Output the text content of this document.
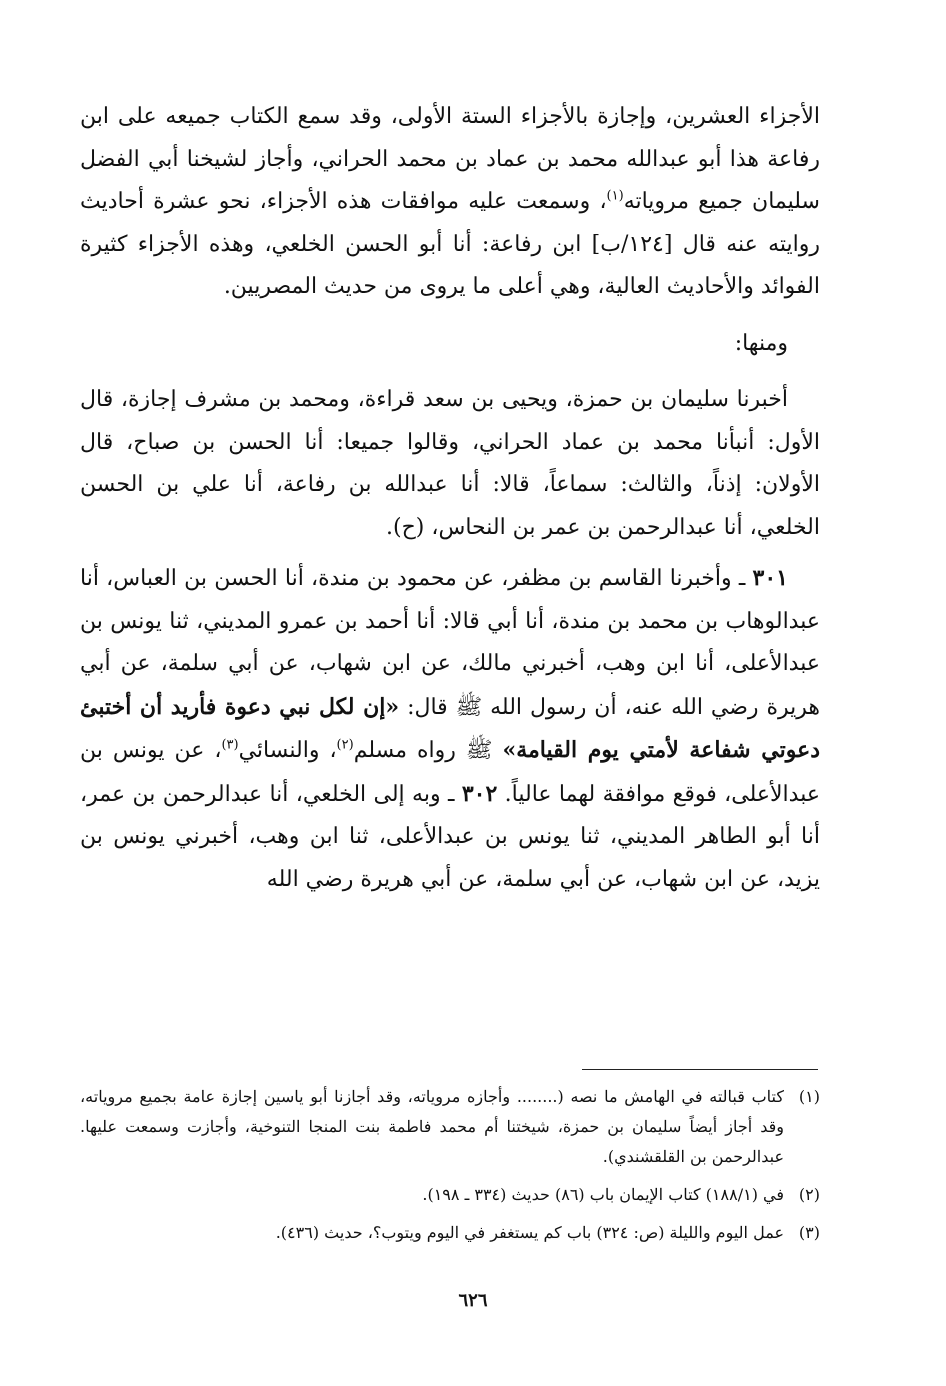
الأجزاء العشرين، وإجازة بالأجزاء الستة الأولى، وقد سمع الكتاب جميعه على ابن رفاعة هذا أبو عبدالله محمد بن عماد بن محمد الحراني، وأجاز لشيخنا أبي الفضل سليمان جميع مروياته$^{(١)}$، وسمعت عليه موافقات هذه الأجزاء، نحو عشرة أحاديث روايته عنه قال [١٢٤/ب] ابن رفاعة: أنا أبو الحسن الخلعي، وهذه الأجزاء كثيرة الفوائد والأحاديث العالية، وهي أعلى ما يروى من حديث المصريين.

ومنها:

أخبرنا سليمان بن حمزة، ويحيى بن سعد قراءة، ومحمد بن مشرف إجازة، قال الأول: أنبأنا محمد بن عماد الحراني، وقالوا جميعا: أنا الحسن بن صباح، قال الأولان: إذناً، والثالث: سماعاً، قالا: أنا عبدالله بن رفاعة، أنا علي بن الحسن الخلعي، أنا عبدالرحمن بن عمر بن النحاس، (ح).

٣٠١ ـ وأخبرنا القاسم بن مظفر، عن محمود بن مندة، أنا الحسن بن العباس، أنا عبدالوهاب بن محمد بن مندة، أنا أبي قالا: أنا أحمد بن عمرو المديني، ثنا يونس بن عبدالأعلى، أنا ابن وهب، أخبرني مالك، عن ابن شهاب، عن أبي سلمة، عن أبي هريرة رضي الله عنه، أن رسول الله ﷺ قال: «إن لكل نبي دعوة فأريد أن أختبئ دعوتي شفاعة لأمتي يوم القيامة» ﷺ رواه مسلم$^{(٢)}$، والنسائي$^{(٣)}$، عن يونس بن عبدالأعلى، فوقع موافقة لهما عالياً. ٣٠٢ ـ وبه إلى الخلعي، أنا عبدالرحمن بن عمر، أنا أبو الطاهر المديني، ثنا يونس بن عبدالأعلى، ثنا ابن وهب، أخبرني يونس بن يزيد، عن ابن شهاب، عن أبي سلمة، عن أبي هريرة رضي الله

(١)
كتاب قبالته في الهامش ما نصه (........ وأجازه مروياته، وقد أجازنا أبو ياسين إجازة عامة بجميع مروياته، وقد أجاز أيضاً سليمان بن حمزة، شيختنا أم محمد فاطمة بنت المنجا التنوخية، وأجازت وسمعت عليها. عبدالرحمن بن القلقشندي).
(٢)
في (١٨٨/١) كتاب الإيمان باب (٨٦) حديث (٣٣٤ ـ ١٩٨).
(٣)
عمل اليوم والليلة (ص: ٣٢٤) باب كم يستغفر في اليوم ويتوب؟، حديث (٤٣٦).
٦٢٦
